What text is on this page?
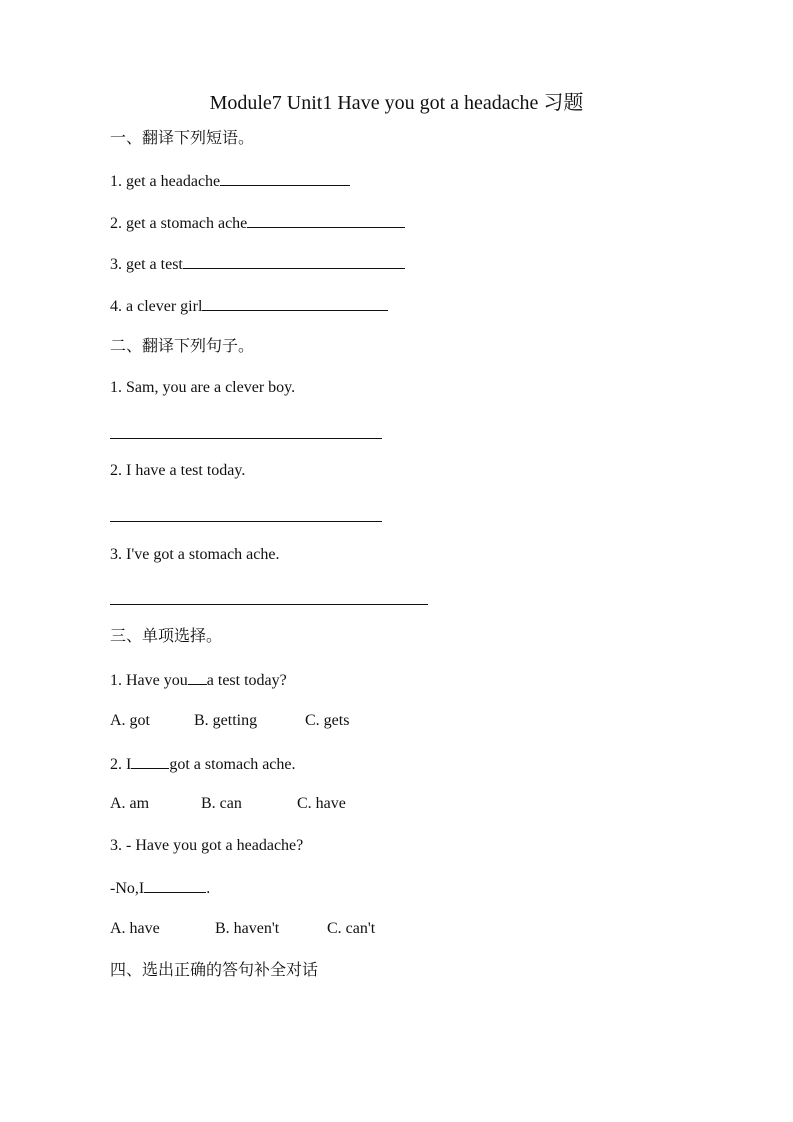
Module7 Unit1 Have you got a headache 习题
一、翻译下列短语。
1. get a headache
2. get a stomach ache
3. get a test
4. a clever girl
二、翻译下列句子。
1. Sam, you are a clever boy.
2. I have a test today.
3. I've got a stomach ache.
三、单项选择。
1. Have you a test today?
A. got	B. getting	C. gets
2. I got a stomach ache.
A. am	B. can	C. have
3. - Have you got a headache?
-No,I	.
A. have	B. haven't	C. can't
四、选出正确的答句补全对话
